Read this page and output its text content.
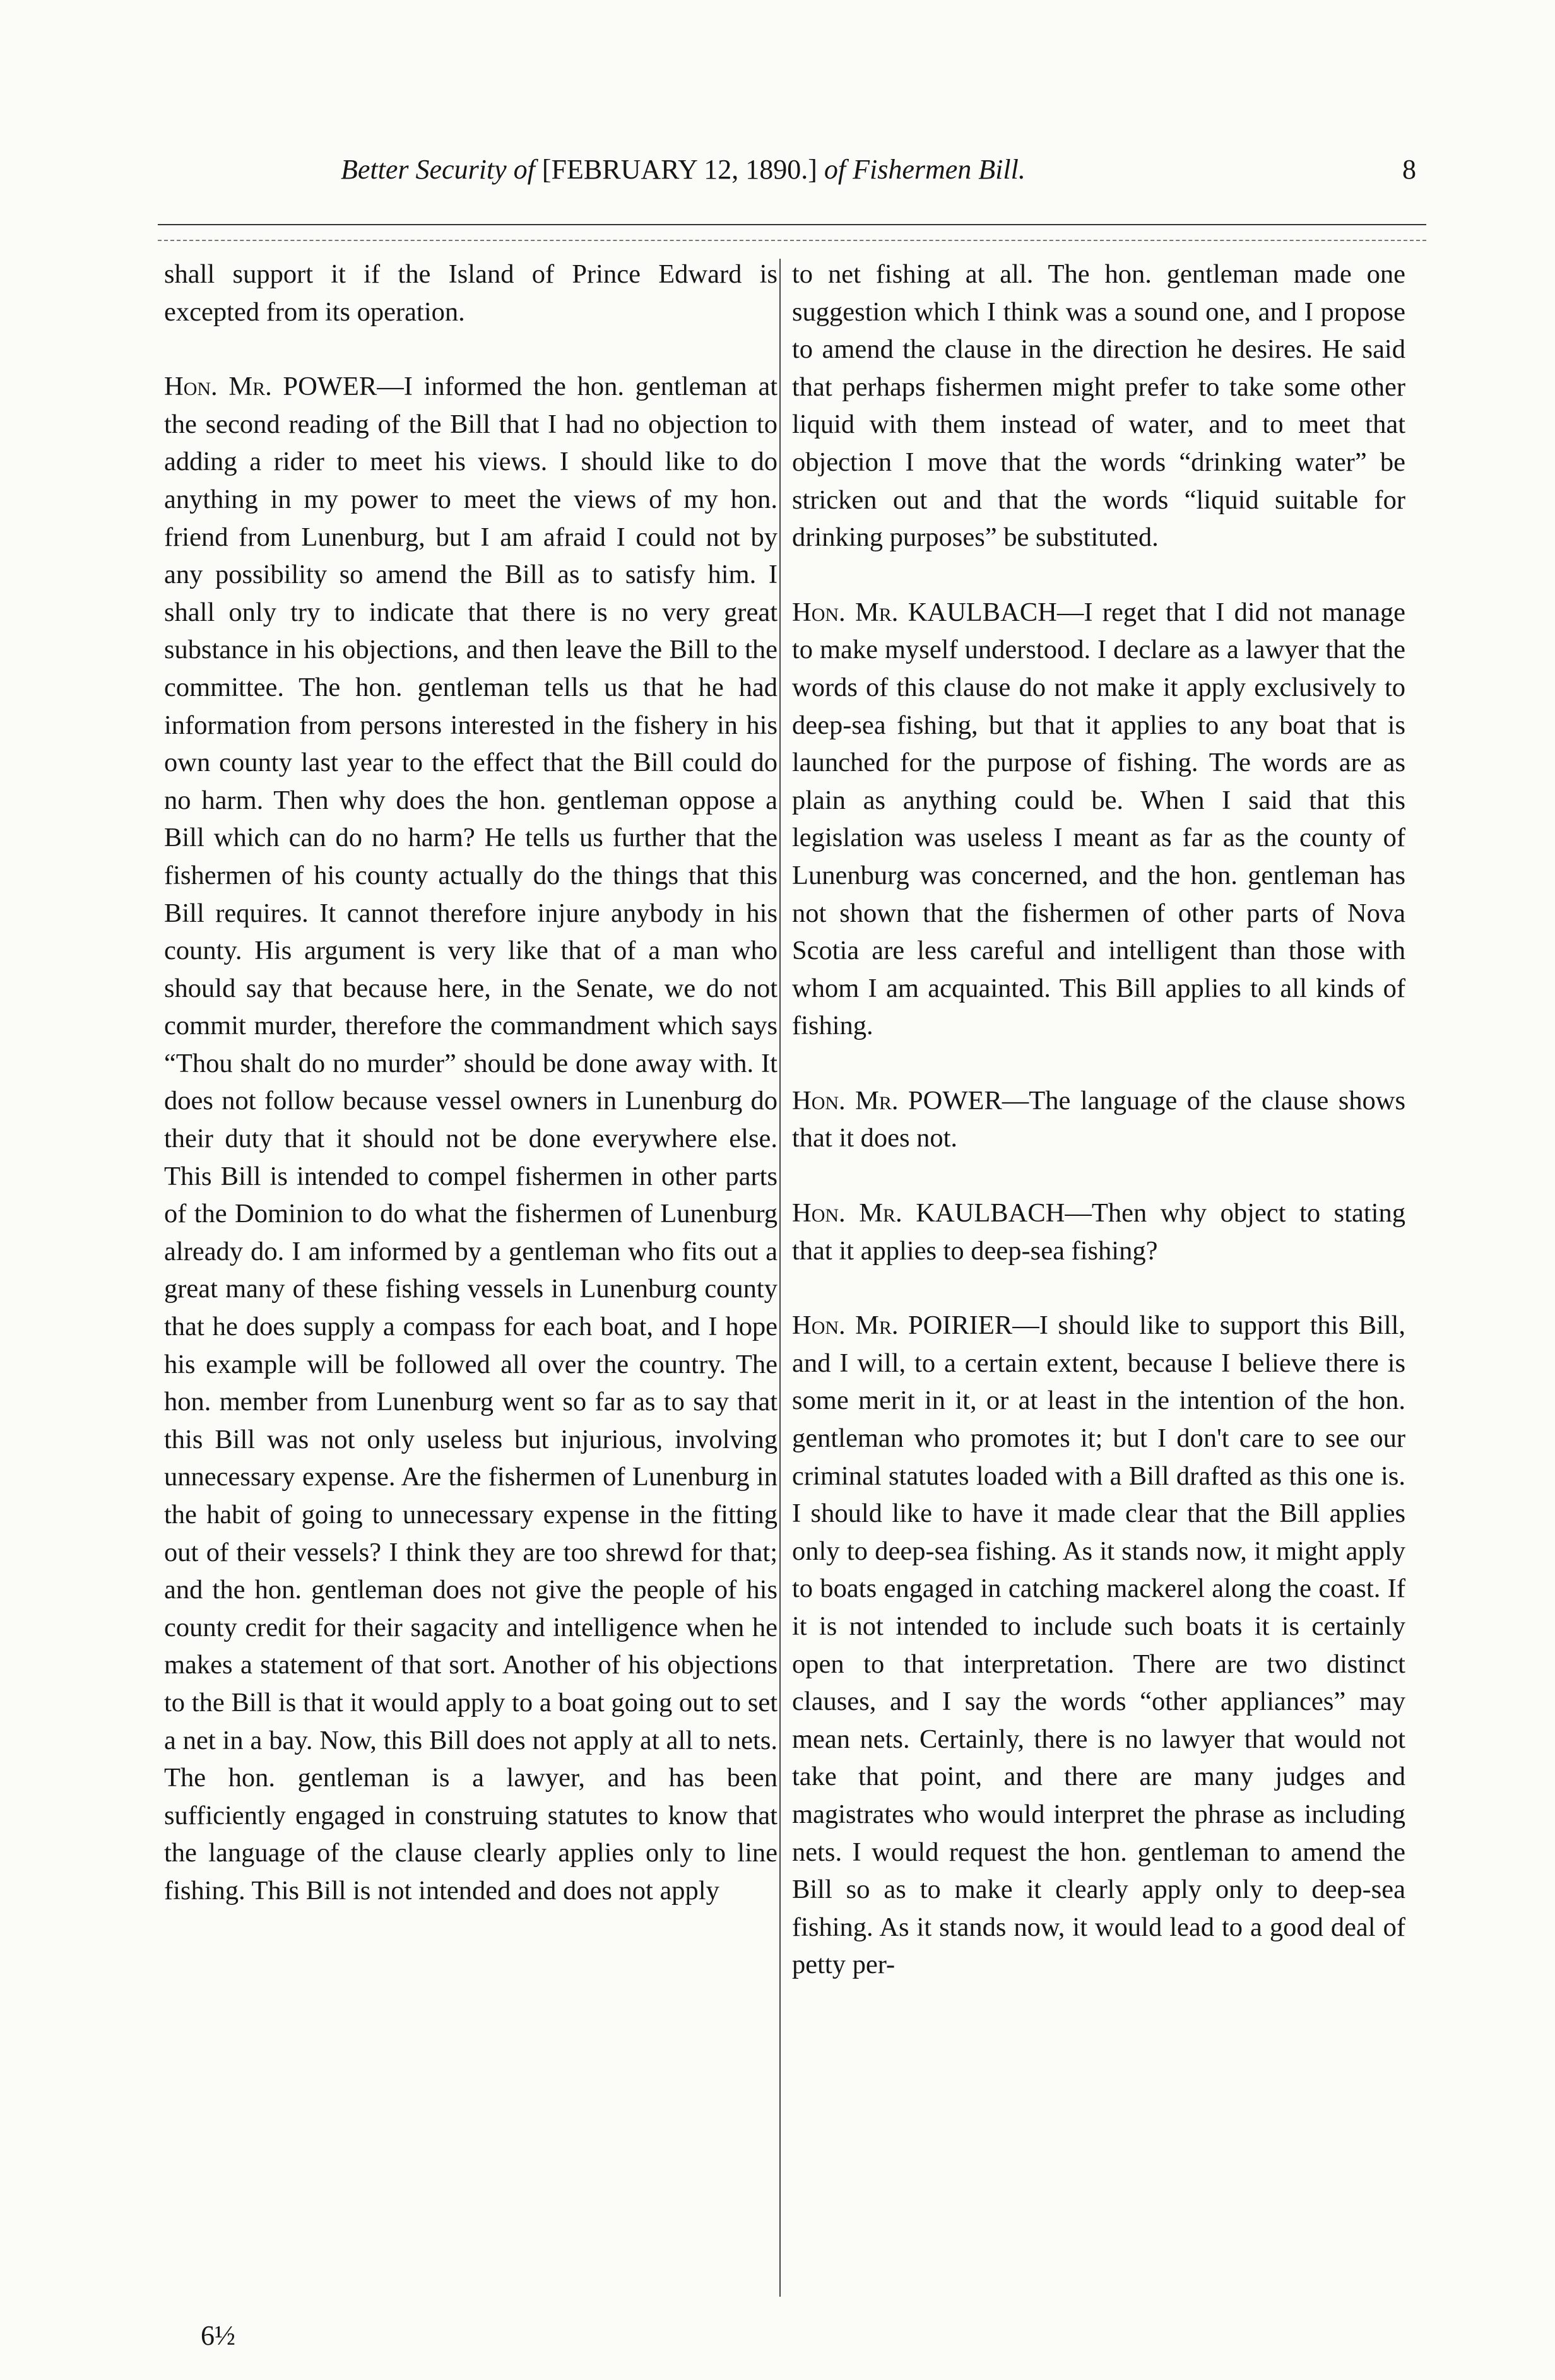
Better Security of [FEBRUARY 12, 1890.] of Fishermen Bill.	8

shall support it if the Island of Prince Edward is excepted from its operation.

Hon. Mr. POWER—I informed the hon. gentleman at the second reading of the Bill that I had no objection to adding a rider to meet his views. I should like to do anything in my power to meet the views of my hon. friend from Lunenburg, but I am afraid I could not by any possibility so amend the Bill as to satisfy him. I shall only try to indicate that there is no very great substance in his objections, and then leave the Bill to the committee. The hon. gentleman tells us that he had information from persons interested in the fishery in his own county last year to the effect that the Bill could do no harm. Then why does the hon. gentleman oppose a Bill which can do no harm? He tells us further that the fishermen of his county actually do the things that this Bill requires. It cannot therefore injure anybody in his county. His argument is very like that of a man who should say that because here, in the Senate, we do not commit murder, therefore the commandment which says “Thou shalt do no murder” should be done away with. It does not follow because vessel owners in Lunenburg do their duty that it should not be done everywhere else. This Bill is intended to compel fishermen in other parts of the Dominion to do what the fishermen of Lunenburg already do. I am informed by a gentleman who fits out a great many of these fishing vessels in Lunenburg county that he does supply a compass for each boat, and I hope his example will be followed all over the country. The hon. member from Lunenburg went so far as to say that this Bill was not only useless but injurious, involving unnecessary expense. Are the fishermen of Lunenburg in the habit of going to unnecessary expense in the fitting out of their vessels? I think they are too shrewd for that; and the hon. gentleman does not give the people of his county credit for their sagacity and intelligence when he makes a statement of that sort. Another of his objections to the Bill is that it would apply to a boat going out to set a net in a bay. Now, this Bill does not apply at all to nets. The hon. gentleman is a lawyer, and has been sufficiently engaged in construing statutes to know that the language of the clause clearly applies only to line fishing. This Bill is not intended and does not apply

to net fishing at all. The hon. gentleman made one suggestion which I think was a sound one, and I propose to amend the clause in the direction he desires. He said that perhaps fishermen might prefer to take some other liquid with them instead of water, and to meet that objection I move that the words “drinking water” be stricken out and that the words “liquid suitable for drinking purposes” be substituted.

Hon. Mr. KAULBACH—I reget that I did not manage to make myself understood. I declare as a lawyer that the words of this clause do not make it apply exclusively to deep-sea fishing, but that it applies to any boat that is launched for the purpose of fishing. The words are as plain as anything could be. When I said that this legislation was useless I meant as far as the county of Lunenburg was concerned, and the hon. gentleman has not shown that the fishermen of other parts of Nova Scotia are less careful and intelligent than those with whom I am acquainted. This Bill applies to all kinds of fishing.

Hon. Mr. POWER—The language of the clause shows that it does not.

Hon. Mr. KAULBACH—Then why object to stating that it applies to deep-sea fishing?

Hon. Mr. POIRIER—I should like to support this Bill, and I will, to a certain extent, because I believe there is some merit in it, or at least in the intention of the hon. gentleman who promotes it; but I don't care to see our criminal statutes loaded with a Bill drafted as this one is. I should like to have it made clear that the Bill applies only to deep-sea fishing. As it stands now, it might apply to boats engaged in catching mackerel along the coast. If it is not intended to include such boats it is certainly open to that interpretation. There are two distinct clauses, and I say the words “other appliances” may mean nets. Certainly, there is no lawyer that would not take that point, and there are many judges and magistrates who would interpret the phrase as including nets. I would request the hon. gentleman to amend the Bill so as to make it clearly apply only to deep-sea fishing. As it stands now, it would lead to a good deal of petty per-

6½
